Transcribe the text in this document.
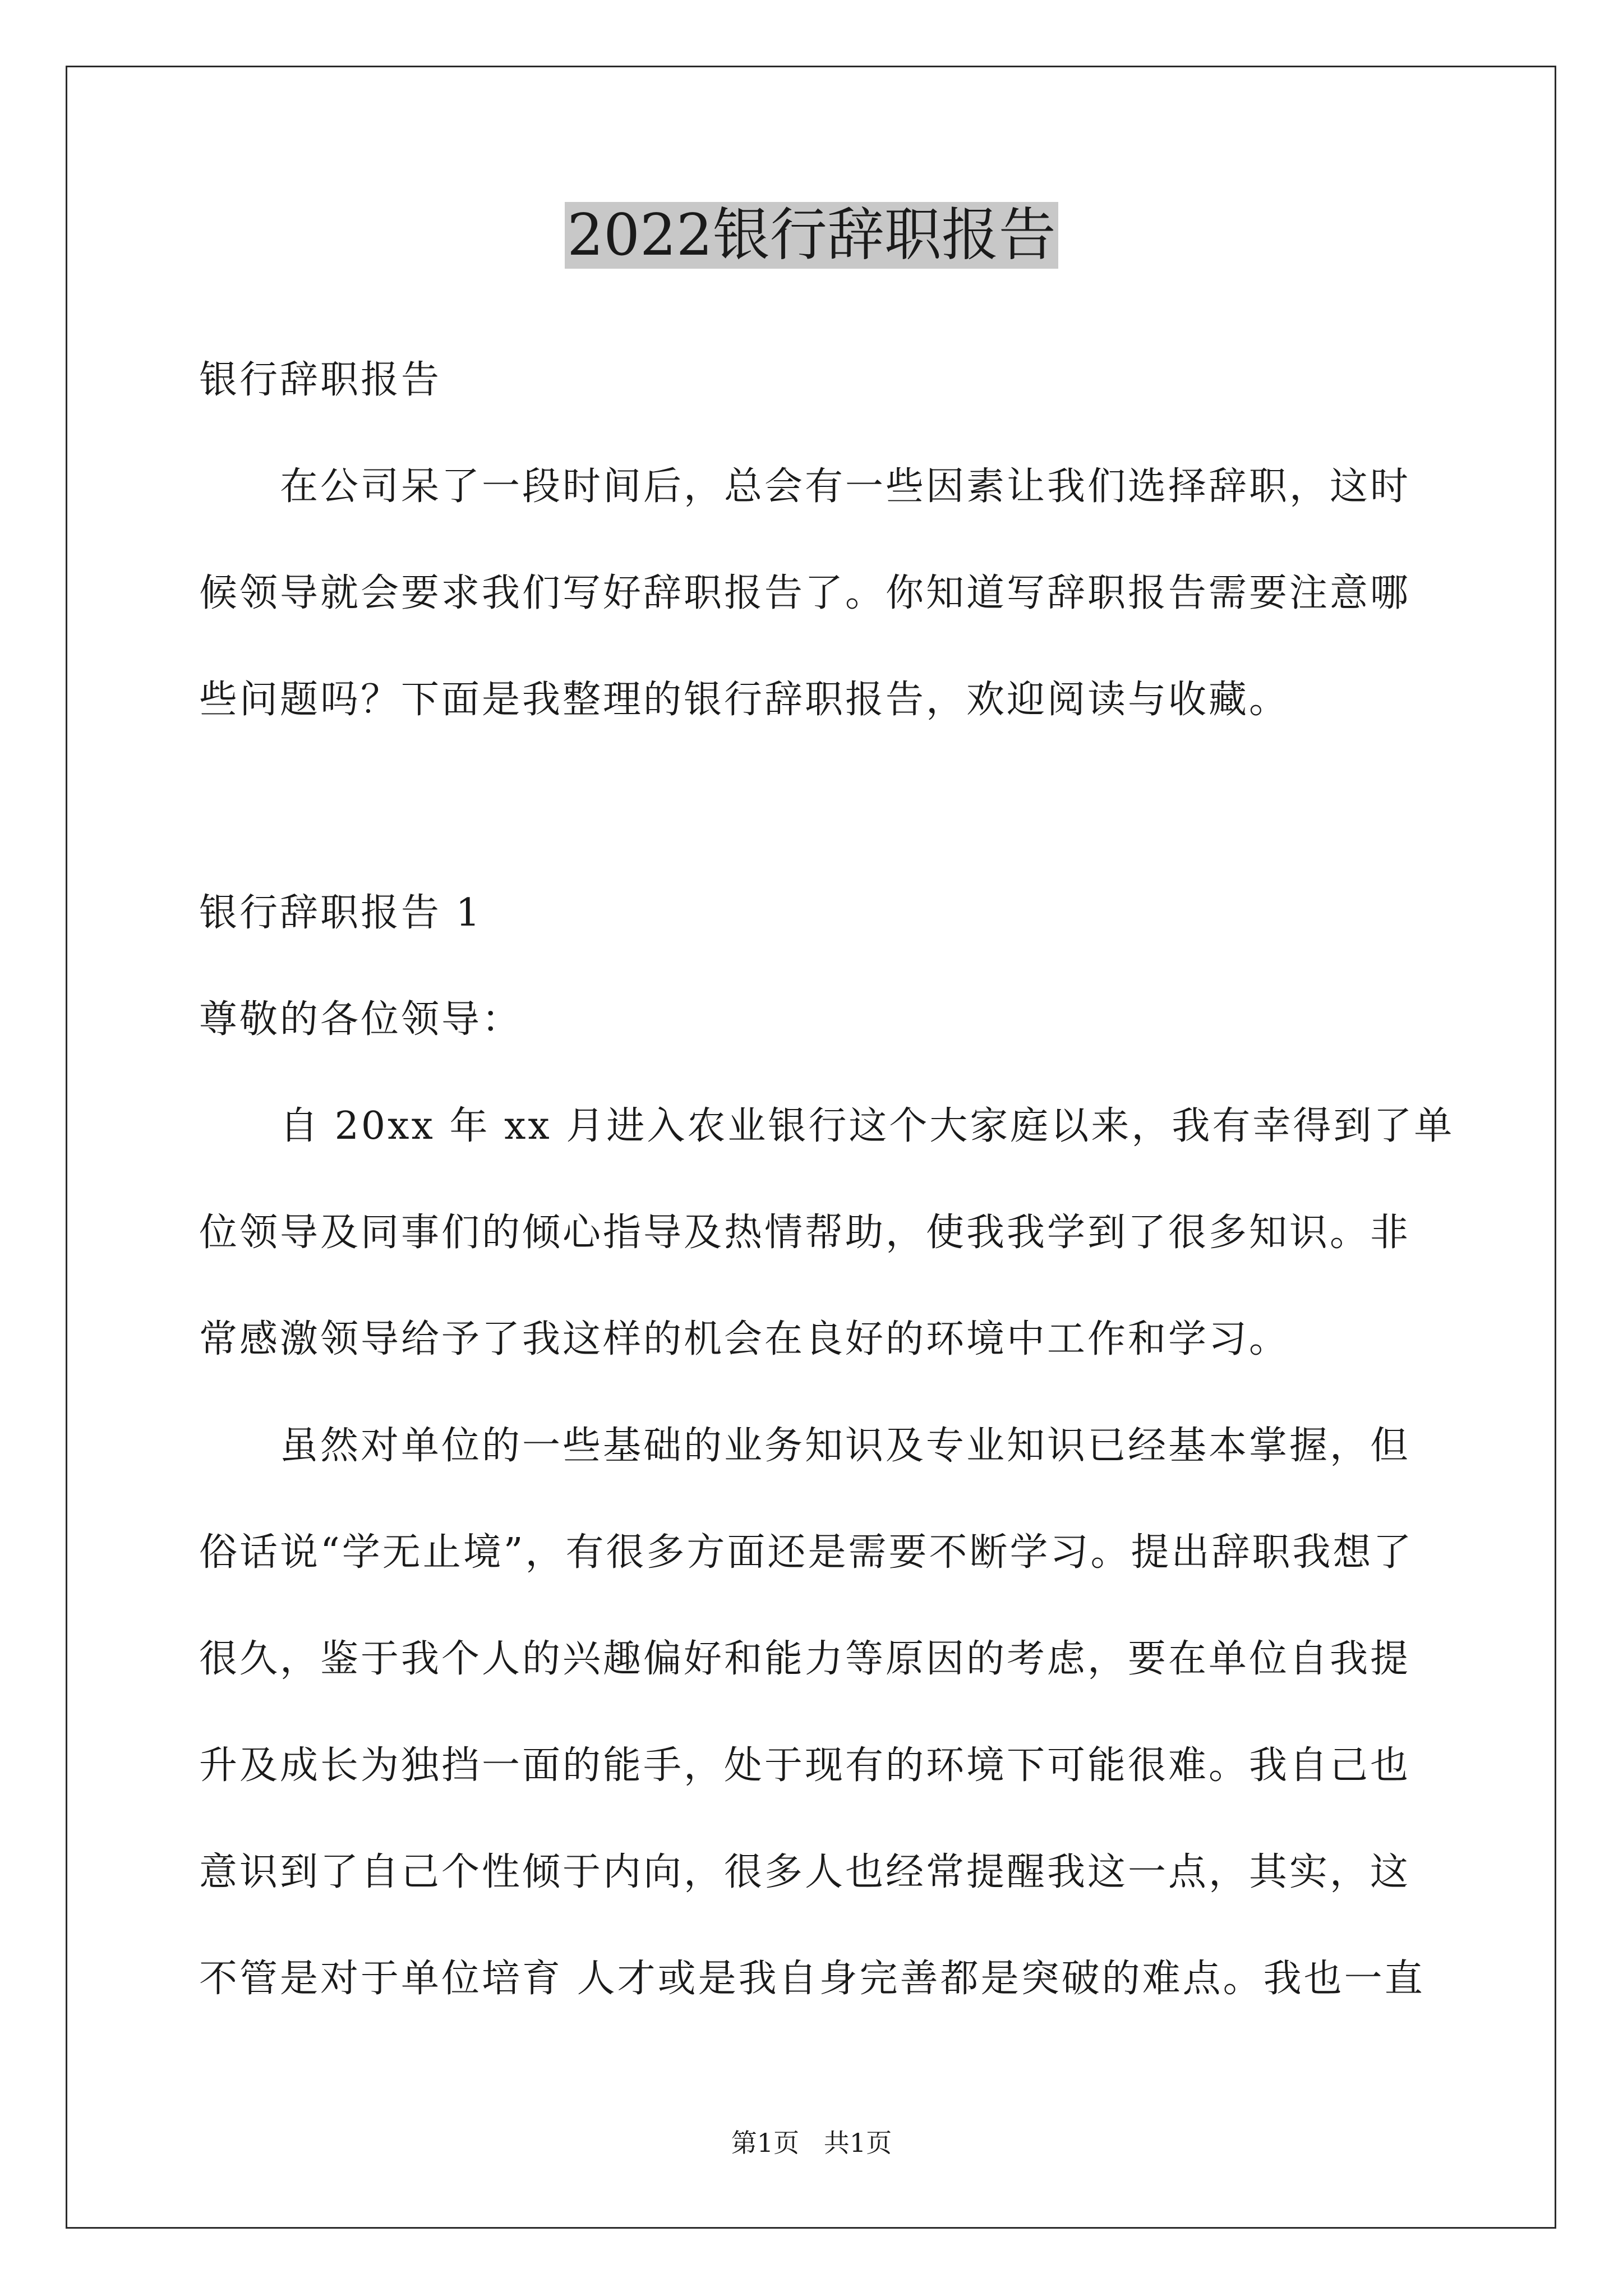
2022银行辞职报告

银行辞职报告

在公司呆了一段时间后，总会有一些因素让我们选择辞职，这时

候领导就会要求我们写好辞职报告了。你知道写辞职报告需要注意哪

些问题吗？下面是我整理的银行辞职报告，欢迎阅读与收藏。

银行辞职报告 1

尊敬的各位领导：

自 20xx 年 xx 月进入农业银行这个大家庭以来，我有幸得到了单

位领导及同事们的倾心指导及热情帮助，使我我学到了很多知识。非

常感激领导给予了我这样的机会在良好的环境中工作和学习。

虽然对单位的一些基础的业务知识及专业知识已经基本掌握，但

俗话说“学无止境”，有很多方面还是需要不断学习。提出辞职我想了

很久，鉴于我个人的兴趣偏好和能力等原因的考虑，要在单位自我提

升及成长为独挡一面的能手，处于现有的环境下可能很难。我自己也

意识到了自己个性倾于内向，很多人也经常提醒我这一点，其实，这

不管是对于单位培育 人才或是我自身完善都是突破的难点。我也一直

第1页   共1页
